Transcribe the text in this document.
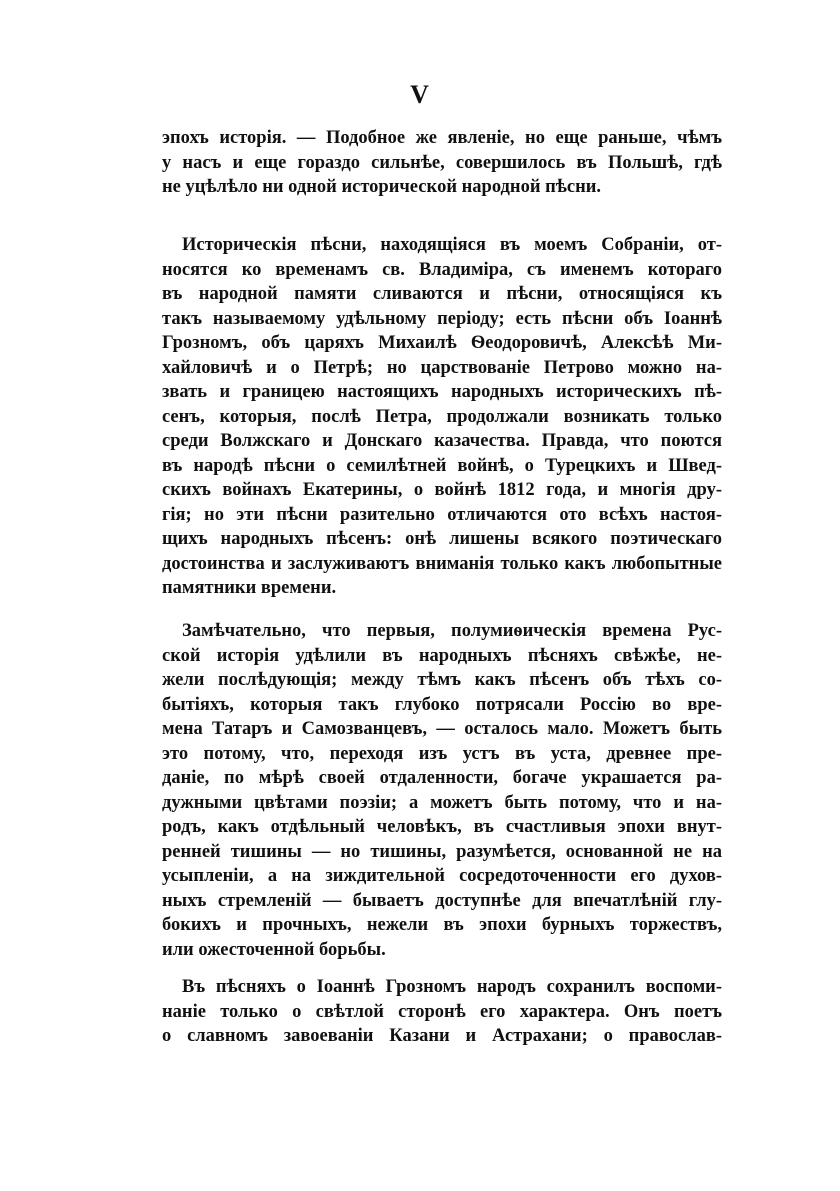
V
эпохъ исторія. — Подобное же явленіе, но еще раньше, чѣмъ
у насъ и еще гораздо сильнѣе, совершилось въ Польшѣ, гдѣ
не уцѣлѣло ни одной историческoй народной пѣсни.
Историческія пѣсни, находящіяся въ моемъ Собраніи, от-
носятся ко временамъ св. Владиміра, съ именемъ котораго
въ народной памяти сливаются и пѣсни, относящіяся къ
такъ называемому удѣльному періоду; есть пѣсни объ Іоаннѣ
Грозномъ, объ царяхъ Михаилѣ Ѳеодоровичѣ, Алексѣѣ Ми-
хайловичѣ и о Петрѣ; но царствованіе Петрово можно на-
звать и границею настоящихъ народныхъ историческихъ пѣ-
сенъ, которыя, послѣ Петра, продолжали возникать только
среди Волжскаго и Донскаго казачества. Правда, что поются
въ народѣ пѣсни о семилѣтней войнѣ, о Турецкихъ и Швед-
скихъ войнахъ Екатерины, о войнѣ 1812 года, и многія дру-
гія; но эти пѣсни разительно отличаются ото всѣхъ настоя-
щихъ народныхъ пѣсенъ: онѣ лишены всякого поэтическаго
достоинства и заслуживаютъ вниманія только какъ любопытные
памятники времени.
Замѣчательно, что первыя, полумиѳическія времена Рус-
ской исторія удѣлили въ народныхъ пѣсняхъ свѣжѣе, не-
жели послѣдующія; между тѣмъ какъ пѣсенъ объ тѣхъ со-
бытіяхъ, которыя такъ глубоко потрясали Россію во вре-
мена Татаръ и Самозванцевъ, — осталось мало. Можетъ быть
это потому, что, переходя изъ устъ въ уста, древнее пре-
даніе, по мѣрѣ своей отдаленности, богаче украшается ра-
дужными цвѣтами поэзіи; а можетъ быть потому, что и на-
родъ, какъ отдѣльный человѣкъ, въ счастливыя эпохи внут-
ренней тишины — но тишины, разумѣется, основанной не на
усыпленіи, а на зиждительной сосредоточенности его духов-
ныхъ стремленій — бываетъ доступнѣе для впечатлѣній глу-
бокихъ и прочныхъ, нежели въ эпохи бурныхъ торжествъ,
или ожесточенной борьбы.
Въ пѣсняхъ о Іоаннѣ Грозномъ народъ сохранилъ воспоми-
наніе только о свѣтлой сторонѣ его характера. Онъ поетъ
о славномъ завоеваніи Казани и Астрахани; о православ-
